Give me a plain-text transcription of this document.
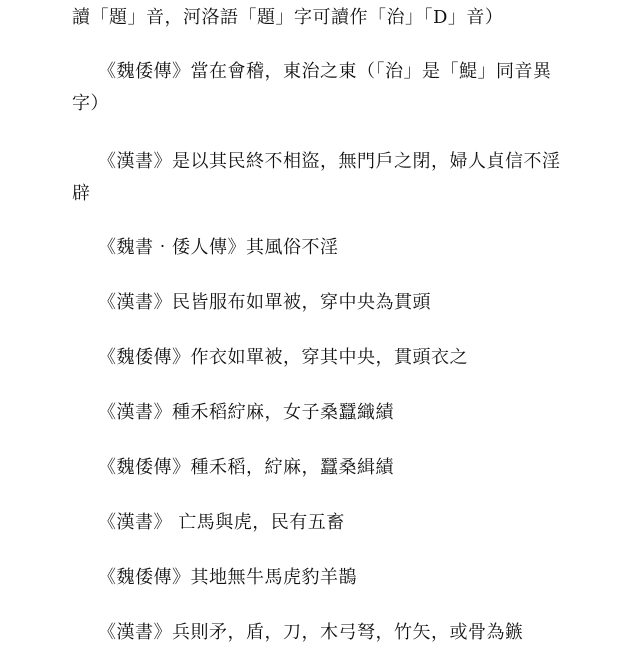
讀「題」音，河洛語「題」字可讀作「治」「D」音）
《魏倭傳》當在會稽，東治之東（「治」是「鯷」同音異字）
《漢書》是以其民終不相盜，無門戶之閉，婦人貞信不淫辟
《魏書‧倭人傳》其風俗不淫
《漢書》民皆服布如單被，穿中央為貫頭
《魏倭傳》作衣如單被，穿其中央，貫頭衣之
《漢書》種禾稻紵麻，女子桑蠶織績
《魏倭傳》種禾稻，紵麻，蠶桑緝績
《漢書》 亡馬與虎，民有五畜
《魏倭傳》其地無牛馬虎豹羊鵲
《漢書》兵則矛，盾，刀，木弓弩，竹矢，或骨為鏃
